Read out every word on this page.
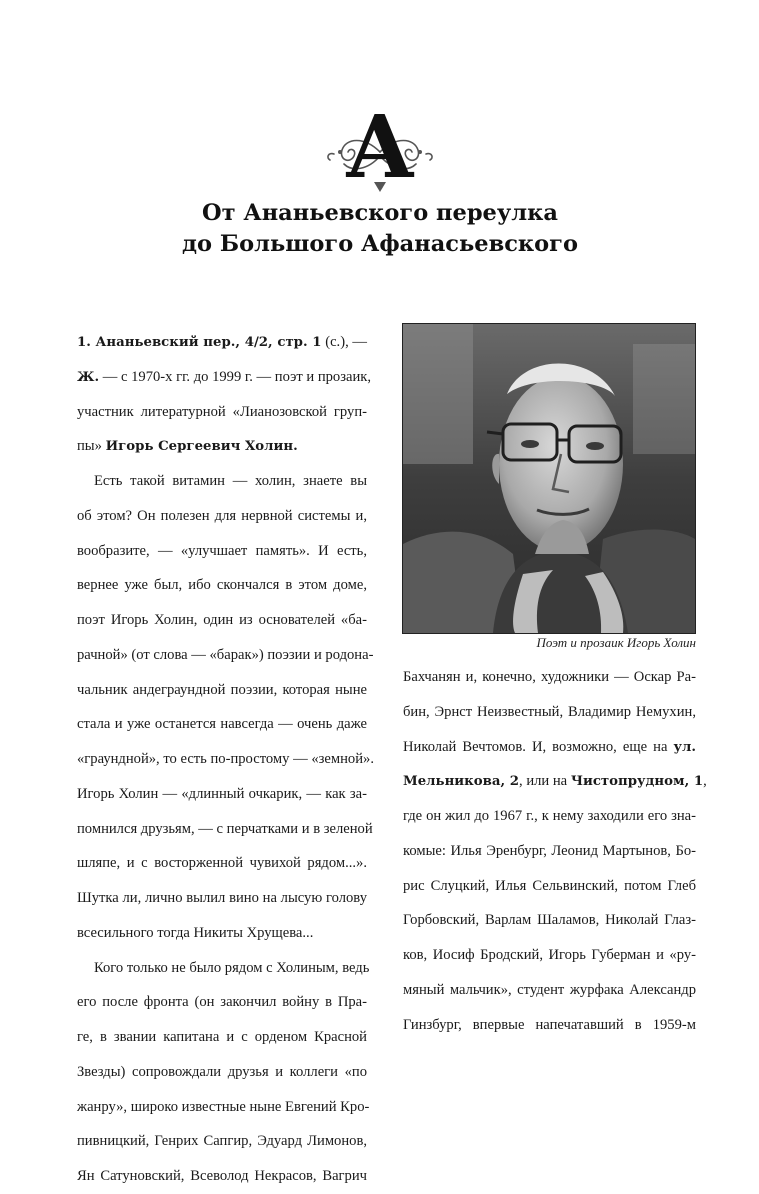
А
От Ананьевского переулка
до Большого Афанасьевского
1. Ананьевский пер., 4/2, стр. 1 (с.), —
Ж. — с 1970-х гг. до 1999 г. — поэт и прозаик,
участник литературной «Лианозовской груп-
пы» Игорь Сергеевич Холин.
Есть такой витамин — холин, знаете вы
об этом? Он полезен для нервной системы и,
вообразите, — «улучшает память». И есть,
вернее уже был, ибо скончался в этом доме,
поэт Игорь Холин, один из основателей «ба-
рачной» (от слова — «барак») поэзии и родона-
чальник андеграундной поэзии, которая ныне
стала и уже останется навсегда — очень даже
«граундной», то есть по-простому — «земной».
Игорь Холин — «длинный очкарик, — как за-
помнился друзьям, — с перчатками и в зеленой
шляпе, и с восторженной чувихой рядом...».
Шутка ли, лично вылил вино на лысую голову
всесильного тогда Никиты Хрущева...
Кого только не было рядом с Холиным, ведь
его после фронта (он закончил войну в Пра-
ге, в звании капитана и с орденом Красной
Звезды) сопровождали друзья и коллеги «по
жанру», широко известные ныне Евгений Кро-
пивницкий, Генрих Сапгир, Эдуард Лимонов,
Ян Сатуновский, Всеволод Некрасов, Вагрич
Поэт и прозаик Игорь Холин
Бахчанян и, конечно, художники — Оскар Ра-
бин, Эрнст Неизвестный, Владимир Немухин,
Николай Вечтомов. И, возможно, еще на ул.
Мельникова, 2, или на Чистопрудном, 1,
где он жил до 1967 г., к нему заходили его зна-
комые: Илья Эренбург, Леонид Мартынов, Бо-
рис Слуцкий, Илья Сельвинский, потом Глеб
Горбовский, Варлам Шаламов, Николай Глаз-
ков, Иосиф Бродский, Игорь Губерман и «ру-
мяный мальчик», студент журфака Александр
Гинзбург, впервые напечатавший в 1959-м
